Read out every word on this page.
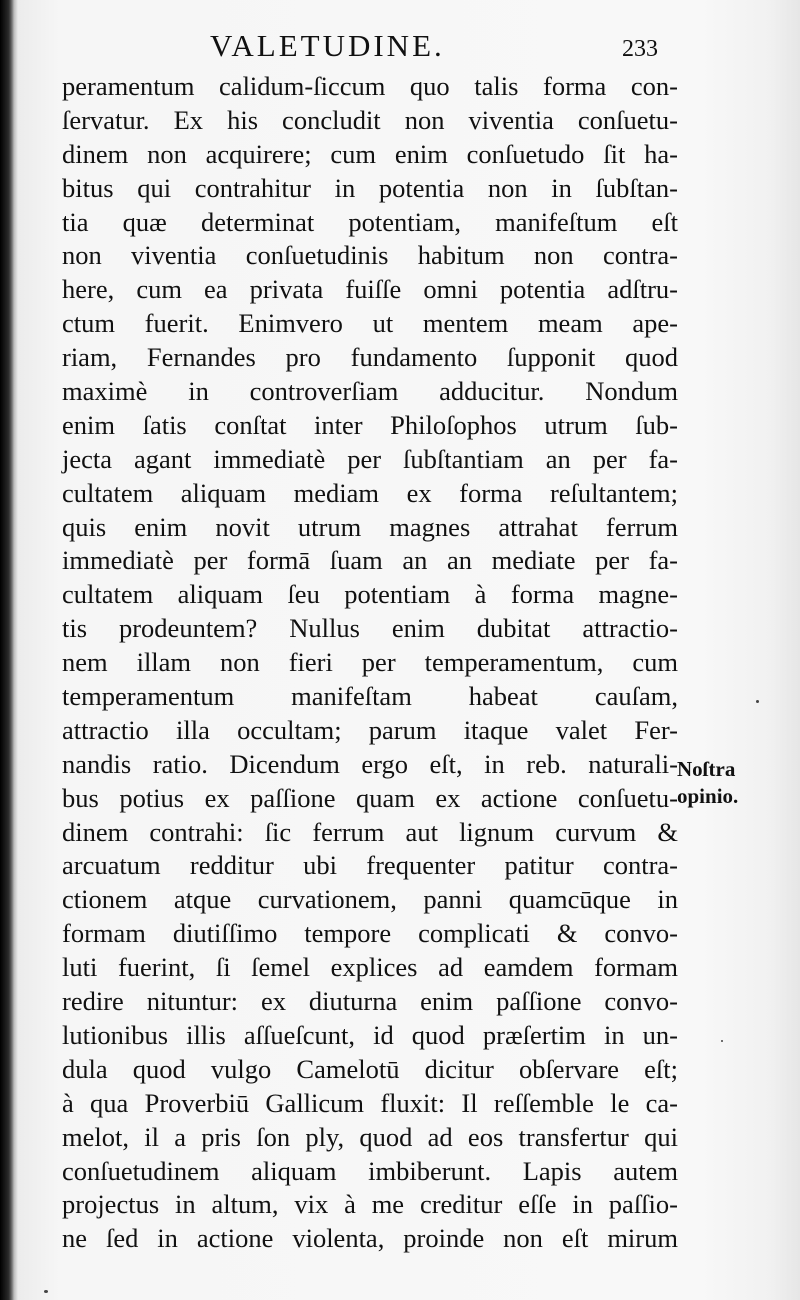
VALETUDINE.	233
peramentum calidum-ſiccum quo talis forma con-
ſervatur. Ex his concludit non viventia conſuetu-
dinem non acquirere; cum enim conſuetudo ſit ha-
bitus qui contrahitur in potentia non in ſubſtan-
tia quæ determinat potentiam, manifeſtum eſt
non viventia conſuetudinis habitum non contra-
here, cum ea privata fuiſſe omni potentia adſtru-
ctum fuerit. Enimvero ut mentem meam ape-
riam, Fernandes pro fundamento ſupponit quod
maximè in controverſiam adducitur. Nondum
enim ſatis conſtat inter Philoſophos utrum ſub-
jecta agant immediatè per ſubſtantiam an per fa-
cultatem aliquam mediam ex forma reſultantem;
quis enim novit utrum magnes attrahat ferrum
immediatè per formā ſuam an an mediate per fa-
cultatem aliquam ſeu potentiam à forma magne-
tis prodeuntem? Nullus enim dubitat attractio-
nem illam non fieri per temperamentum, cum
temperamentum manifeſtam habeat cauſam,
attractio illa occultam; parum itaque valet Fer-
nandis ratio. Dicendum ergo eſt, in reb. naturali-
bus potius ex paſſione quam ex actione conſuetu-
dinem contrahi: ſic ferrum aut lignum curvum &
arcuatum redditur ubi frequenter patitur contra-
ctionem atque curvationem, panni quamcūque in
formam diutiſſimo tempore complicati & convo-
luti fuerint, ſi ſemel explices ad eamdem formam
redire nituntur: ex diuturna enim paſſione convo-
lutionibus illis aſſueſcunt, id quod præſertim in un-
dula quod vulgo Camelotū dicitur obſervare eſt;
à qua Proverbiū Gallicum fluxit: Il reſſemble le ca-
melot, il a pris ſon ply, quod ad eos transfertur qui
conſuetudinem aliquam imbiberunt. Lapis autem
projectus in altum, vix à me creditur eſſe in paſſio-
ne ſed in actione violenta, proinde non eſt mirum
Noſtra
opinio.
